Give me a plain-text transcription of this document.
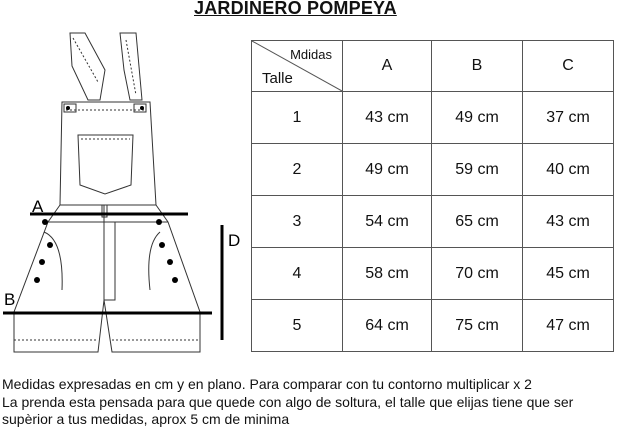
JARDINERO POMPEYA
A
B
D
Mdidas
Talle	A	B	C
1	43 cm	49 cm	37 cm
2	49 cm	59 cm	40 cm
3	54 cm	65 cm	43 cm
4	58 cm	70 cm	45 cm
5	64 cm	75 cm	47 cm
Medidas expresadas en cm y en plano. Para comparar con tu contorno multiplicar x 2
La prenda esta pensada para que quede con algo de soltura, el talle que elijas tiene que ser
supèrior a tus medidas, aprox 5 cm de minima
